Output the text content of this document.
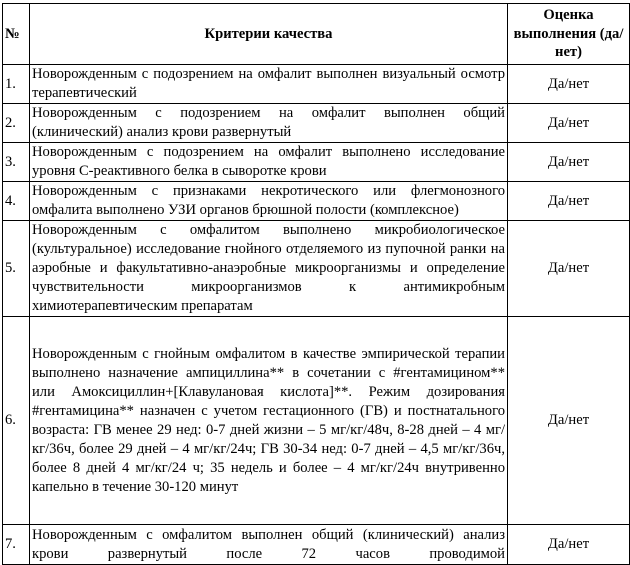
№	Критерии качества	Оценка выполнения (да/нет)
1.	Новорожденным с подозрением на омфалит выполнен визуальный осмотр терапевтический	Да/нет
2.	Новорожденным с подозрением на омфалит выполнен общий (клинический) анализ крови развернутый	Да/нет
3.	Новорожденным с подозрением на омфалит выполнено исследование уровня С-реактивного белка в сыворотке крови	Да/нет
4.	Новорожденным с признаками некротического или флегмонозного омфалита выполнено УЗИ органов брюшной полости (комплексное)	Да/нет
5.	Новорожденным с омфалитом выполнено микробиологическое (культуральное) исследование гнойного отделяемого из пупочной ранки на аэробные и факультативно-анаэробные микроорганизмы и определение чувствительности микроорганизмов к антимикробным химиотерапевтическим препаратам	Да/нет
6.	Новорожденным с гнойным омфалитом в качестве эмпирической терапии выполнено назначение ампициллина** в сочетании с #гентамицином** или Амоксициллин+[Клавулановая кислота]**. Режим дозирования #гентамицина** назначен с учетом гестационного (ГВ) и постнатального возраста: ГВ менее 29 нед: 0-7 дней жизни – 5 мг/кг/48ч, 8-28 дней – 4 мг/кг/36ч, более 29 дней – 4 мг/кг/24ч; ГВ 30-34 нед: 0-7 дней – 4,5 мг/кг/36ч, более 8 дней 4 мг/кг/24 ч; 35 недель и более – 4 мг/кг/24ч внутривенно капельно в течение 30-120 минут	Да/нет
7.	Новорожденным с омфалитом выполнен общий (клинический) анализ крови развернутый после 72 часов проводимой	Да/нет
